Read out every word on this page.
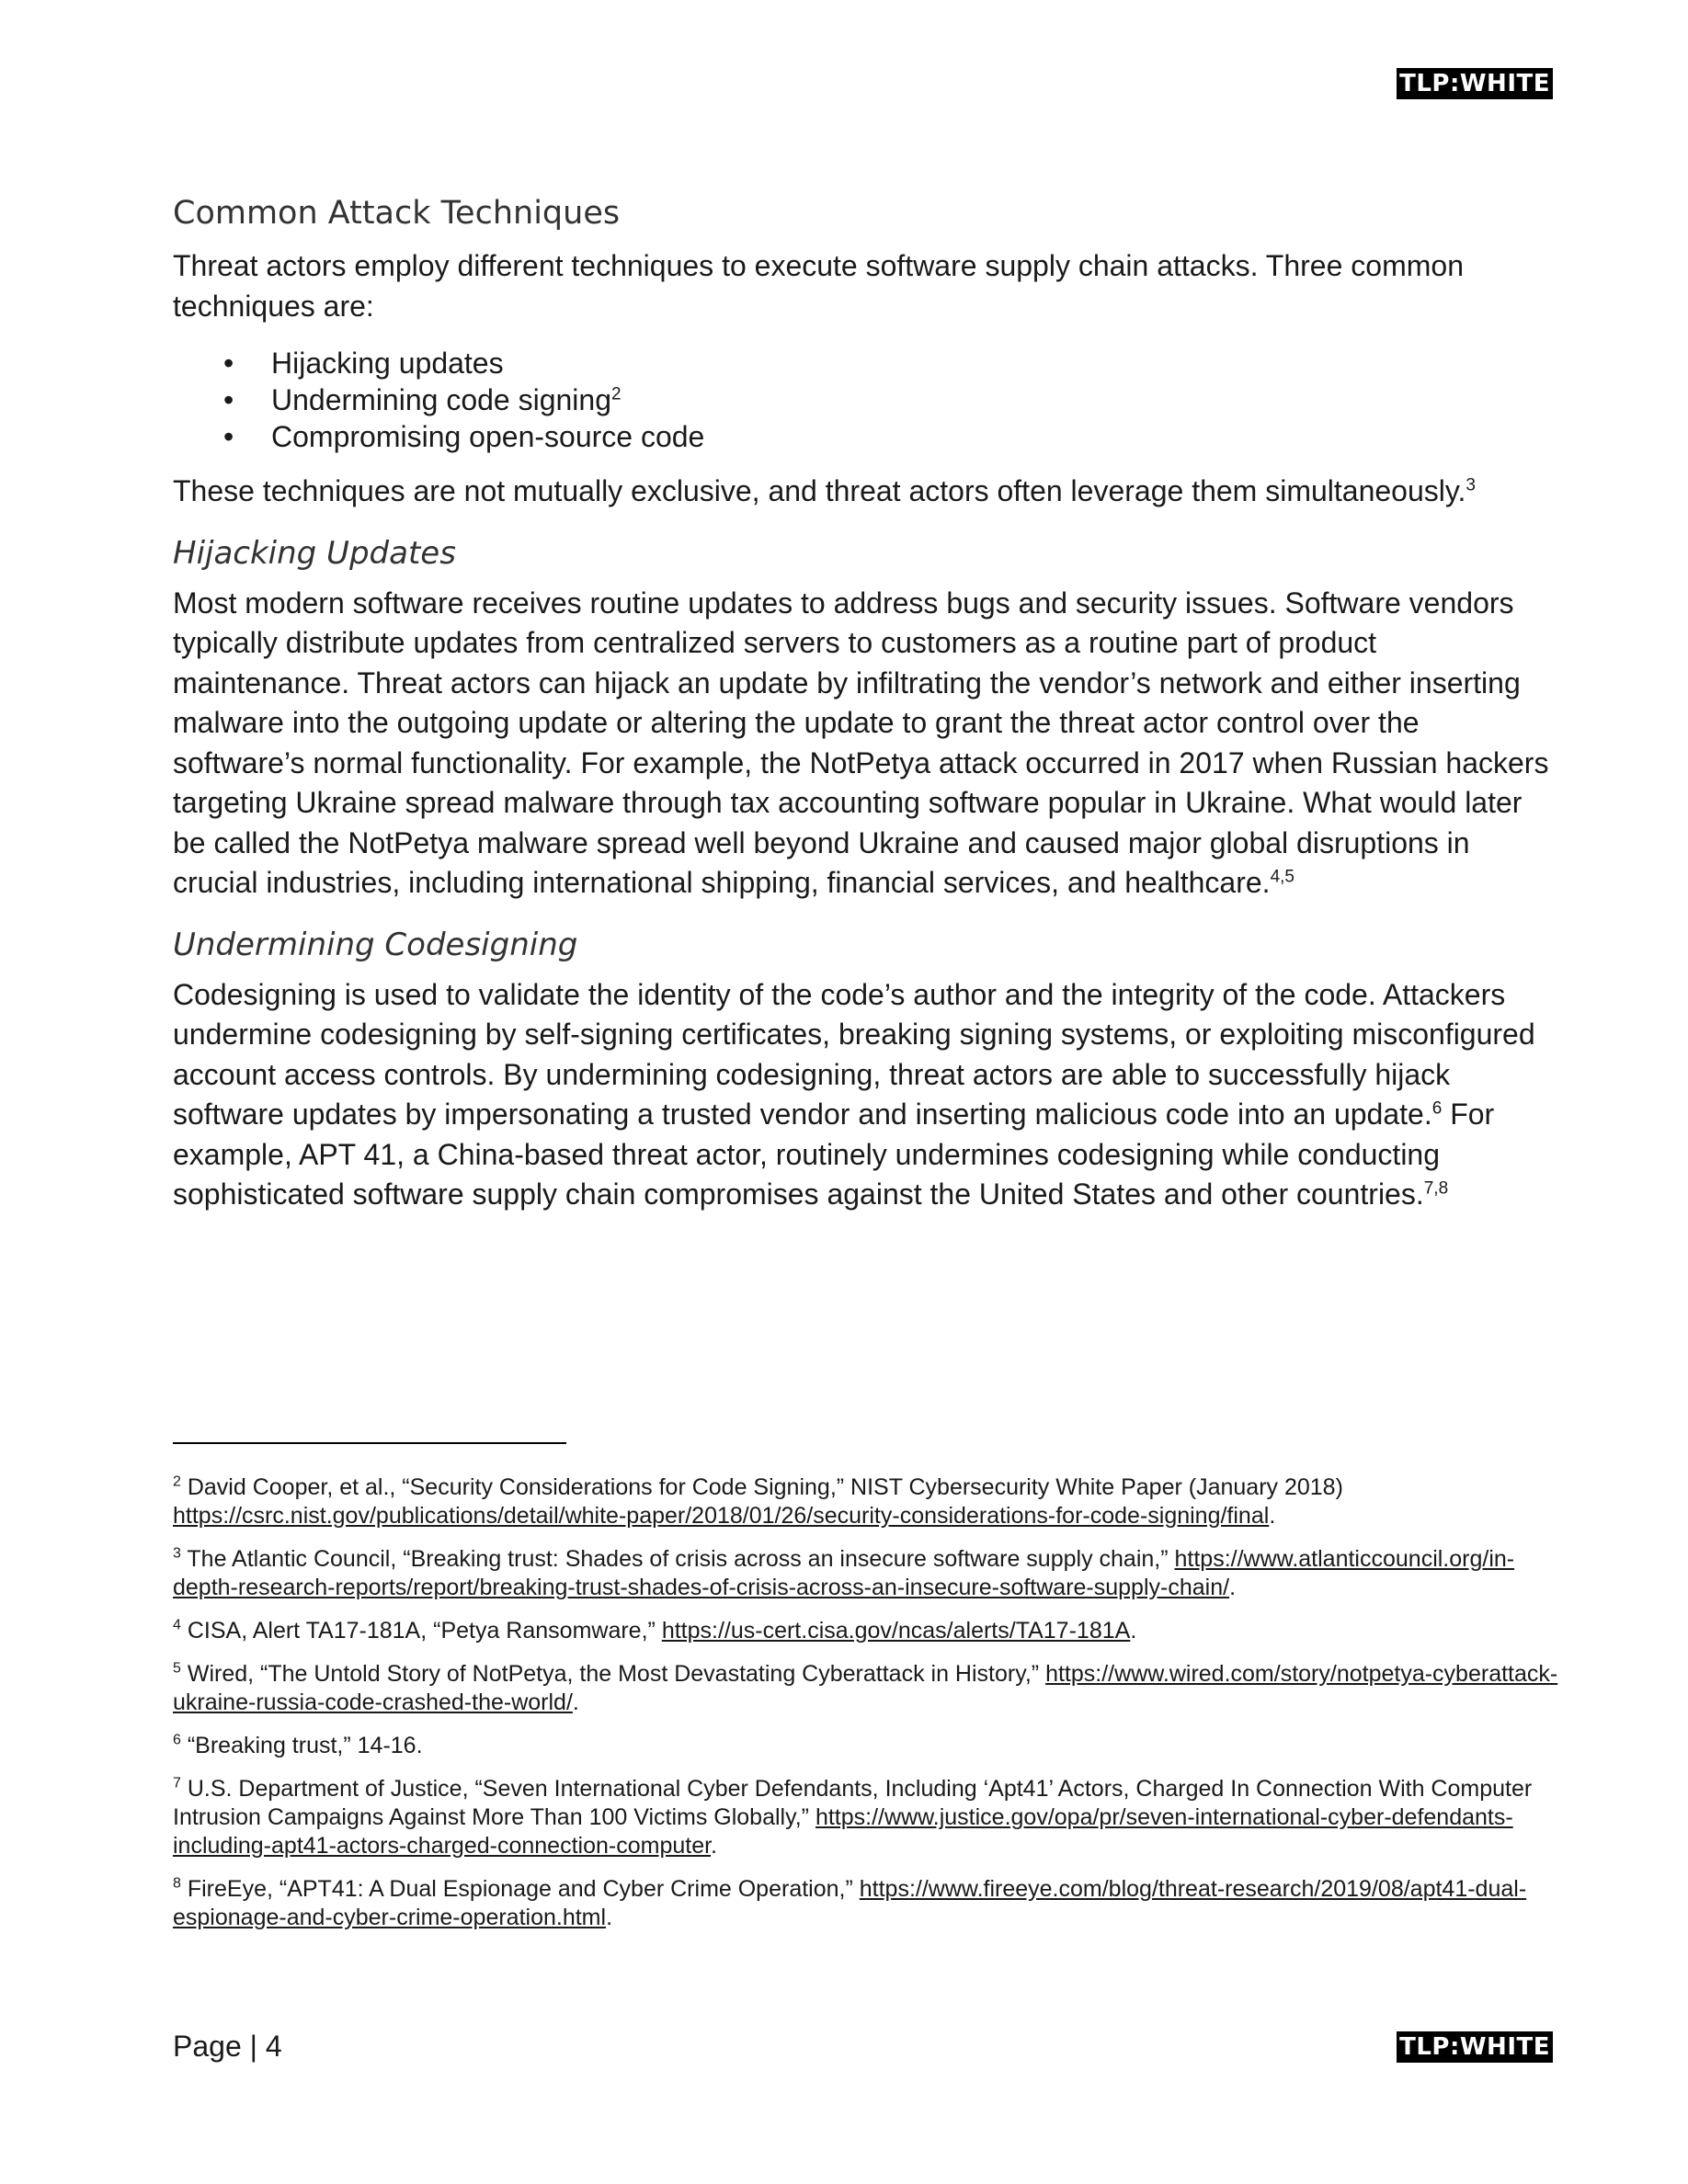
TLP:WHITE
Common Attack Techniques

Threat actors employ different techniques to execute software supply chain attacks. Three common techniques are:

• Hijacking updates
• Undermining code signing$^2$
• Compromising open-source code

These techniques are not mutually exclusive, and threat actors often leverage them simultaneously.$^3$

Hijacking Updates

Most modern software receives routine updates to address bugs and security issues. Software vendors typically distribute updates from centralized servers to customers as a routine part of product maintenance. Threat actors can hijack an update by infiltrating the vendor’s network and either inserting malware into the outgoing update or altering the update to grant the threat actor control over the software’s normal functionality. For example, the NotPetya attack occurred in 2017 when Russian hackers targeting Ukraine spread malware through tax accounting software popular in Ukraine. What would later be called the NotPetya malware spread well beyond Ukraine and caused major global disruptions in crucial industries, including international shipping, financial services, and healthcare.$^{4,5}$

Undermining Codesigning

Codesigning is used to validate the identity of the code’s author and the integrity of the code. Attackers undermine codesigning by self-signing certificates, breaking signing systems, or exploiting misconfigured account access controls. By undermining codesigning, threat actors are able to successfully hijack software updates by impersonating a trusted vendor and inserting malicious code into an update.$^6$ For example, APT 41, a China-based threat actor, routinely undermines codesigning while conducting sophisticated software supply chain compromises against the United States and other countries.$^{7,8}$

$^2$ David Cooper, et al., “Security Considerations for Code Signing,” NIST Cybersecurity White Paper (January 2018) https://csrc.nist.gov/publications/detail/white-paper/2018/01/26/security-considerations-for-code-signing/final.

$^3$ The Atlantic Council, “Breaking trust: Shades of crisis across an insecure software supply chain,” https://www.atlanticcouncil.org/in-depth-research-reports/report/breaking-trust-shades-of-crisis-across-an-insecure-software-supply-chain/.

$^4$ CISA, Alert TA17-181A, “Petya Ransomware,” https://us-cert.cisa.gov/ncas/alerts/TA17-181A.

$^5$ Wired, “The Untold Story of NotPetya, the Most Devastating Cyberattack in History,” https://www.wired.com/story/notpetya-cyberattack-ukraine-russia-code-crashed-the-world/.

$^6$ “Breaking trust,” 14-16.

$^7$ U.S. Department of Justice, “Seven International Cyber Defendants, Including ‘Apt41’ Actors, Charged In Connection With Computer Intrusion Campaigns Against More Than 100 Victims Globally,” https://www.justice.gov/opa/pr/seven-international-cyber-defendants-including-apt41-actors-charged-connection-computer.

$^8$ FireEye, “APT41: A Dual Espionage and Cyber Crime Operation,” https://www.fireeye.com/blog/threat-research/2019/08/apt41-dual-espionage-and-cyber-crime-operation.html.

Page | 4	TLP:WHITE
